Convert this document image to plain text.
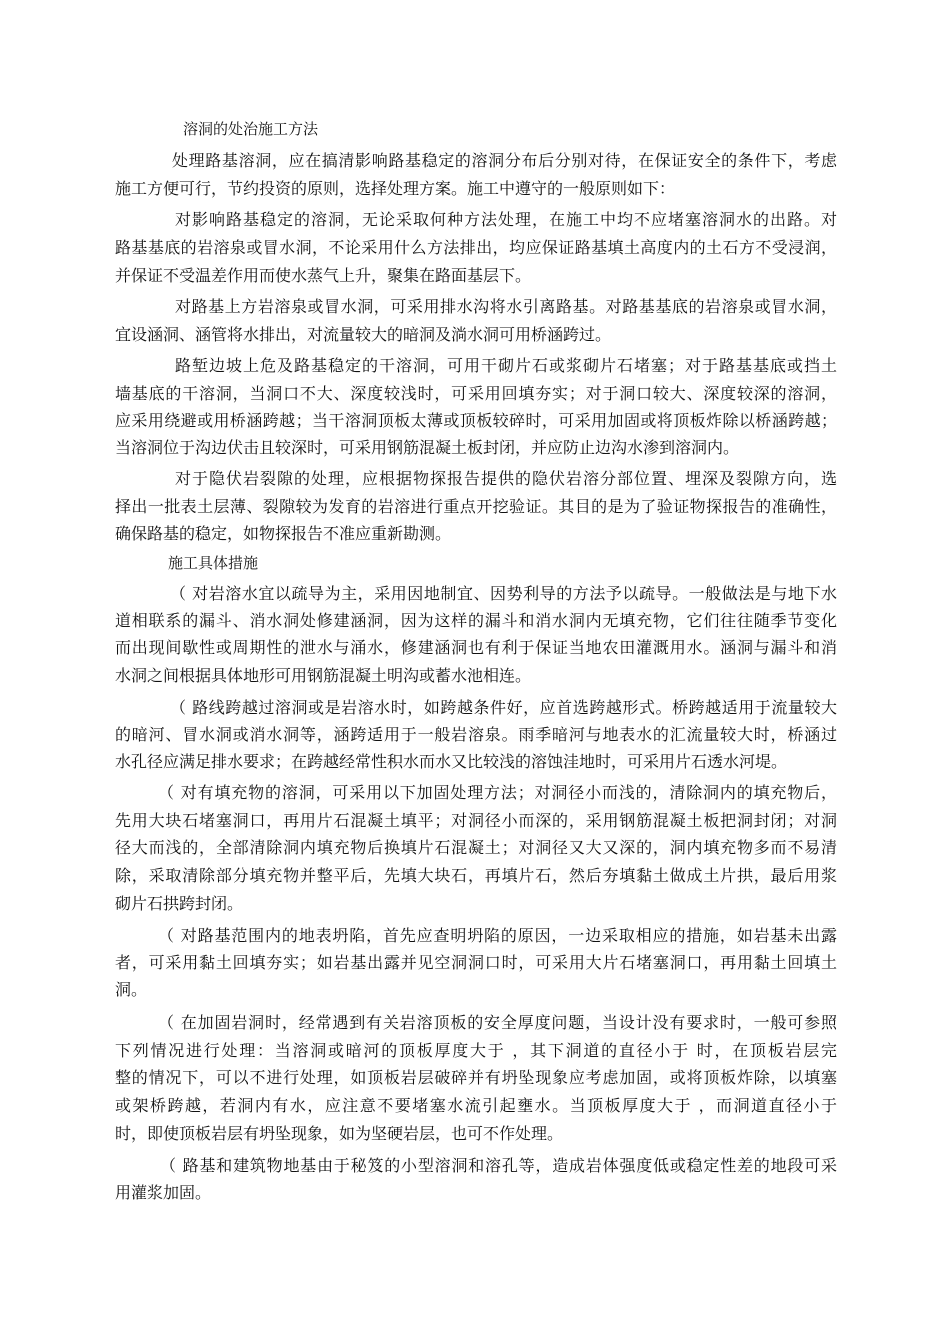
溶洞的处治施工方法
处理路基溶洞，应在搞清影响路基稳定的溶洞分布后分别对待，在保证安全的条件下，考虑
施工方便可行，节约投资的原则，选择处理方案。施工中遵守的一般原则如下：
对影响路基稳定的溶洞，无论采取何种方法处理，在施工中均不应堵塞溶洞水的出路。对
路基基底的岩溶泉或冒水洞，不论采用什么方法排出，均应保证路基填土高度内的土石方不受浸润，
并保证不受温差作用而使水蒸气上升，聚集在路面基层下。
对路基上方岩溶泉或冒水洞，可采用排水沟将水引离路基。对路基基底的岩溶泉或冒水洞，
宜设涵洞、涵管将水排出，对流量较大的暗洞及淌水洞可用桥涵跨过。
路堑边坡上危及路基稳定的干溶洞，可用干砌片石或浆砌片石堵塞；对于路基基底或挡土
墙基底的干溶洞，当洞口不大、深度较浅时，可采用回填夯实；对于洞口较大、深度较深的溶洞，
应采用绕避或用桥涵跨越；当干溶洞顶板太薄或顶板较碎时，可采用加固或将顶板炸除以桥涵跨越；
当溶洞位于沟边伏击且较深时，可采用钢筋混凝土板封闭，并应防止边沟水渗到溶洞内。
对于隐伏岩裂隙的处理，应根据物探报告提供的隐伏岩溶分部位置、埋深及裂隙方向，选
择出一批表土层薄、裂隙较为发育的岩溶进行重点开挖验证。其目的是为了验证物探报告的准确性，
确保路基的稳定，如物探报告不准应重新勘测。
施工具体措施
（ 对岩溶水宜以疏导为主，采用因地制宜、因势利导的方法予以疏导。一般做法是与地下水
道相联系的漏斗、消水洞处修建涵洞，因为这样的漏斗和消水洞内无填充物，它们往往随季节变化
而出现间歇性或周期性的泄水与涌水，修建涵洞也有利于保证当地农田灌溉用水。涵洞与漏斗和消
水洞之间根据具体地形可用钢筋混凝土明沟或蓄水池相连。
（ 路线跨越过溶洞或是岩溶水时，如跨越条件好，应首选跨越形式。桥跨越适用于流量较大
的暗河、冒水洞或消水洞等，涵跨适用于一般岩溶泉。雨季暗河与地表水的汇流量较大时，桥涵过
水孔径应满足排水要求；在跨越经常性积水而水又比较浅的溶蚀洼地时，可采用片石透水河堤。
（ 对有填充物的溶洞，可采用以下加固处理方法；对洞径小而浅的，清除洞内的填充物后，
先用大块石堵塞洞口，再用片石混凝土填平；对洞径小而深的，采用钢筋混凝土板把洞封闭；对洞
径大而浅的，全部清除洞内填充物后换填片石混凝土；对洞径又大又深的，洞内填充物多而不易清
除，采取清除部分填充物并整平后，先填大块石，再填片石，然后夯填黏土做成土片拱，最后用浆
砌片石拱跨封闭。
（ 对路基范围内的地表坍陷，首先应查明坍陷的原因，一边采取相应的措施，如岩基未出露
者，可采用黏土回填夯实；如岩基出露并见空洞洞口时，可采用大片石堵塞洞口，再用黏土回填土
洞。
（ 在加固岩洞时，经常遇到有关岩溶顶板的安全厚度问题，当设计没有要求时，一般可参照
下列情况进行处理：当溶洞或暗河的顶板厚度大于 ，其下洞道的直径小于 时，在顶板岩层完
整的情况下，可以不进行处理，如顶板岩层破碎并有坍坠现象应考虑加固，或将顶板炸除，以填塞
或架桥跨越，若洞内有水，应注意不要堵塞水流引起壅水。当顶板厚度大于 ，而洞道直径小于
时，即使顶板岩层有坍坠现象，如为坚硬岩层，也可不作处理。
（ 路基和建筑物地基由于秘笈的小型溶洞和溶孔等，造成岩体强度低或稳定性差的地段可采
用灌浆加固。
